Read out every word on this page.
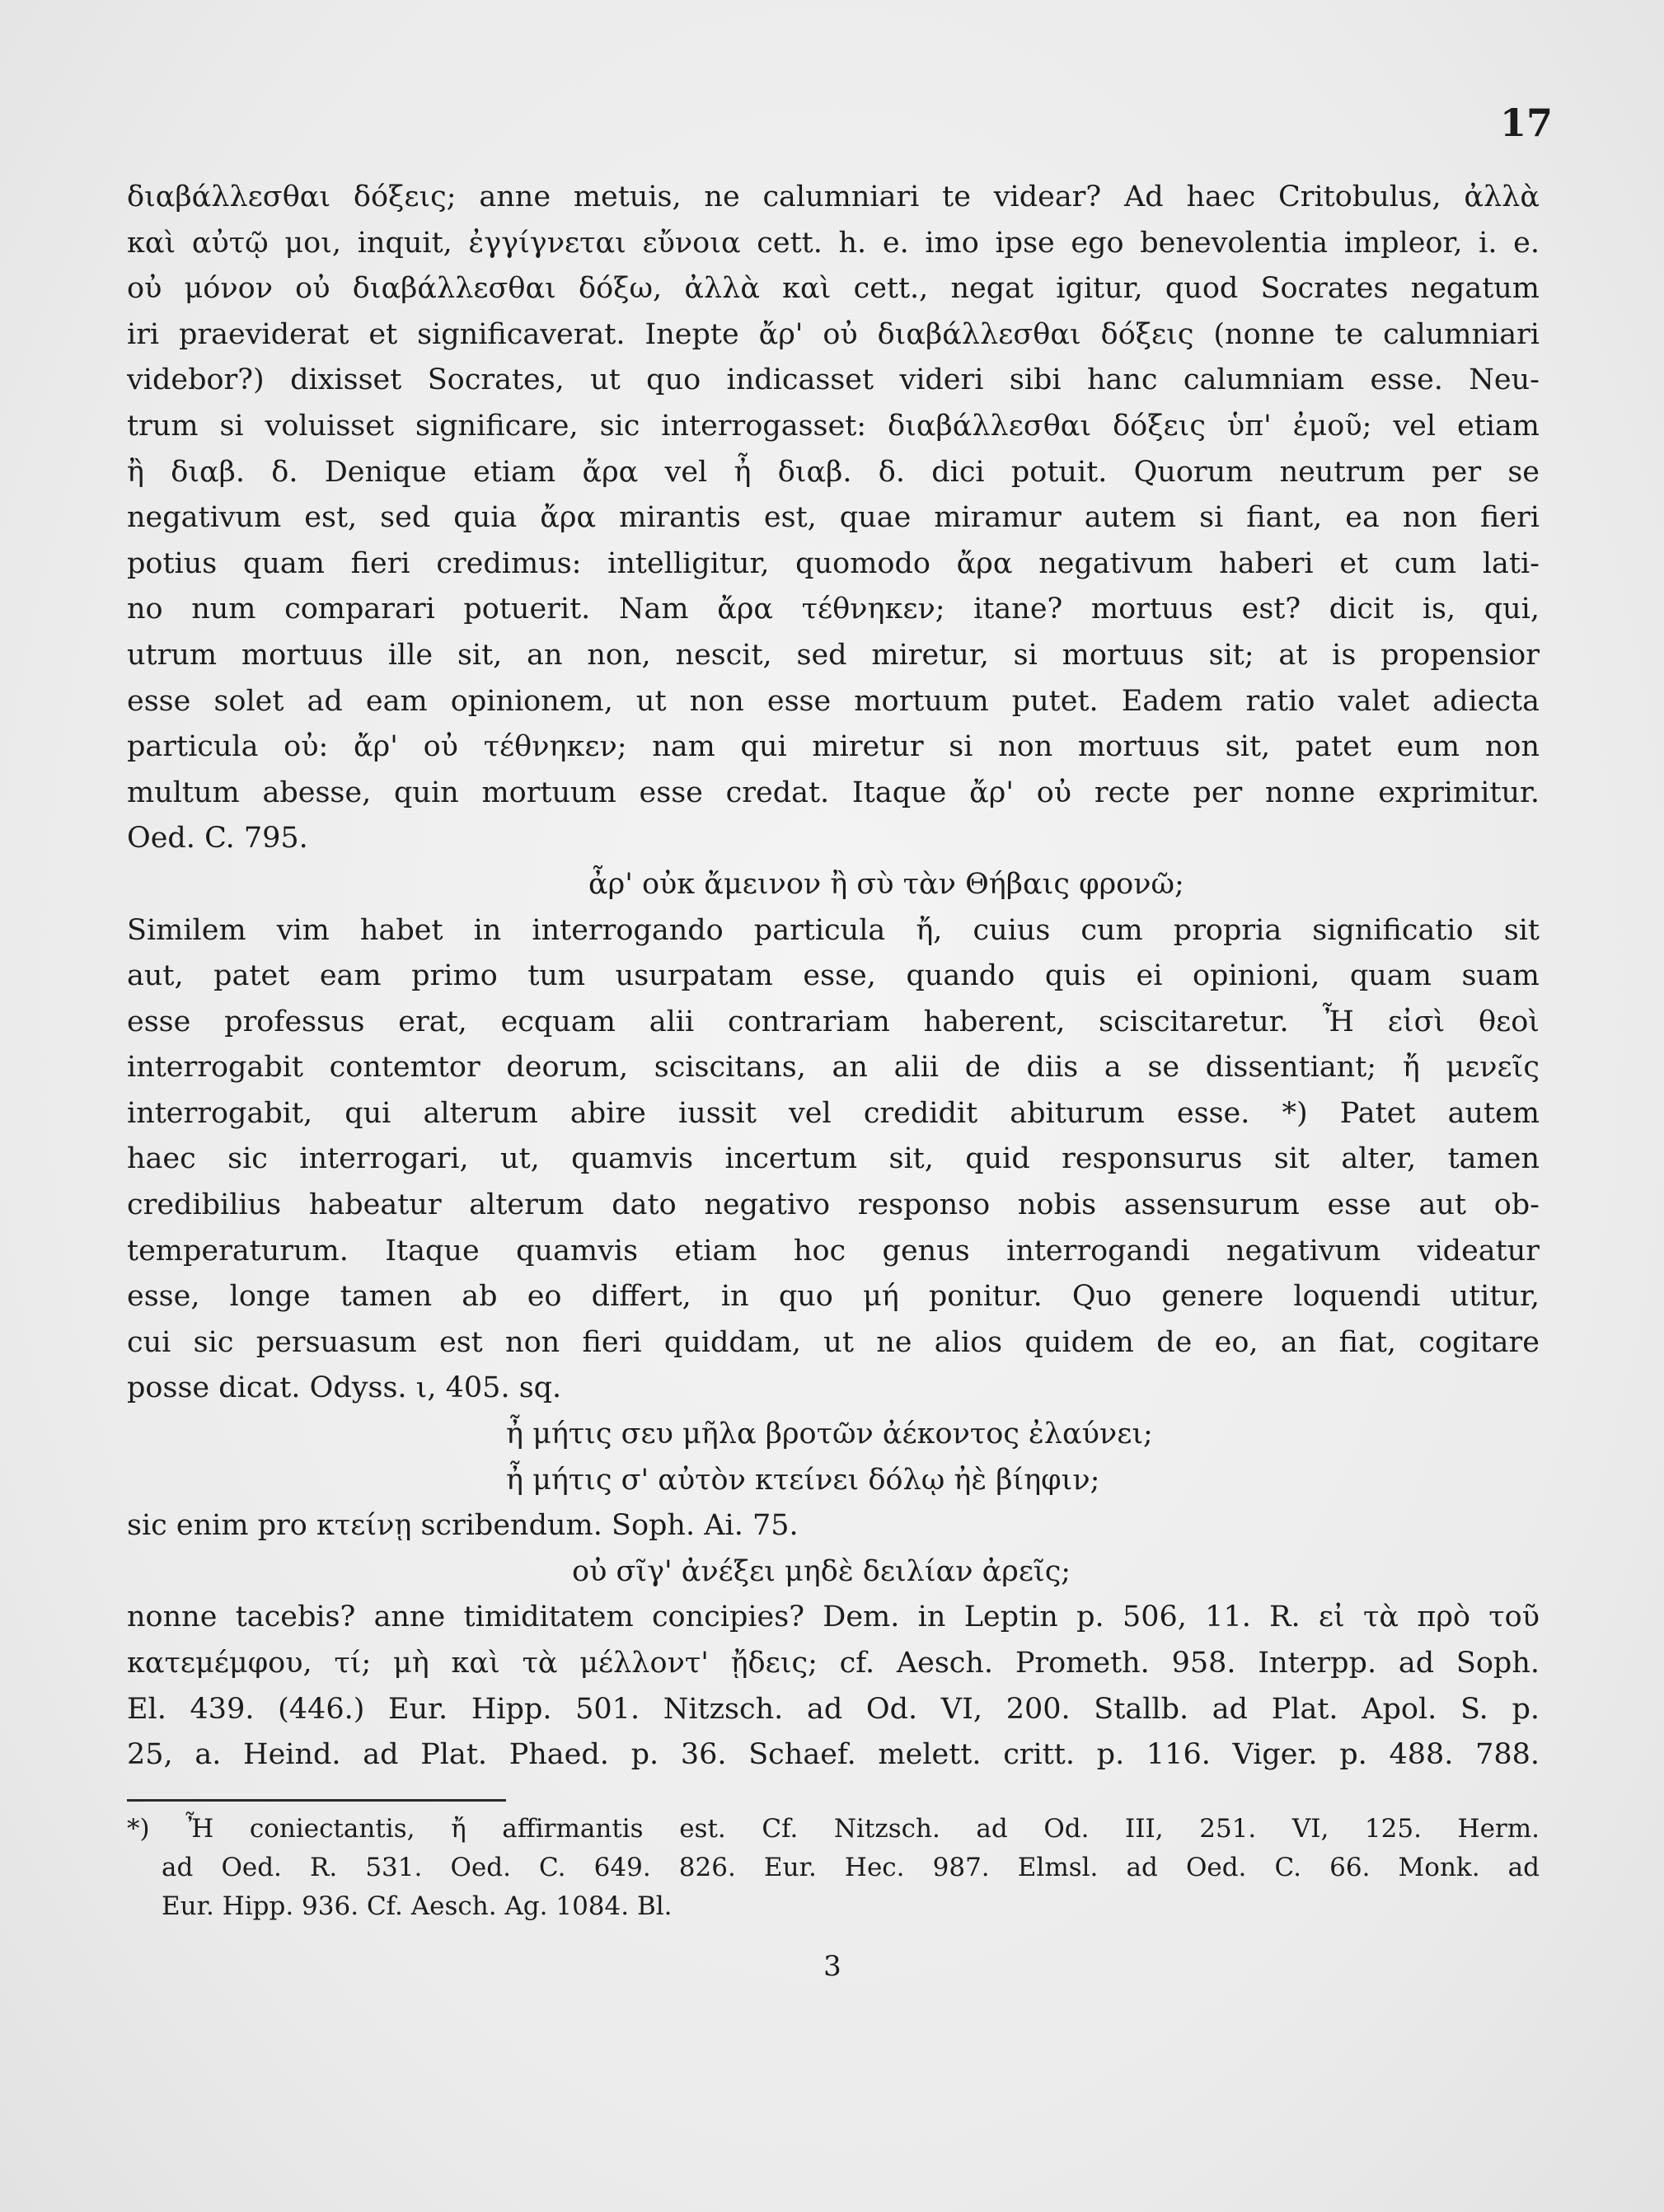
17
διαβάλλεσθαι δόξεις; anne metuis, ne calumniari te videar? Ad haec Critobulus, ἀλλὰ
καὶ αὐτῷ μοι, inquit, ἐγγίγνεται εὔνοια cett. h. e. imo ipse ego benevolentia impleor, i. e.
οὐ μόνον οὐ διαβάλλεσθαι δόξω, ἀλλὰ καὶ cett., negat igitur, quod Socrates negatum
iri praeviderat et significaverat. Inepte ἄρ' οὐ διαβάλλεσθαι δόξεις (nonne te calumniari
videbor?) dixisset Socrates, ut quo indicasset videri sibi hanc calumniam esse. Neu-
trum si voluisset significare, sic interrogasset: διαβάλλεσθαι δόξεις ὑπ' ἐμοῦ; vel etiam
ἢ διαβ. δ. Denique etiam ἄρα vel ἦ διαβ. δ. dici potuit. Quorum neutrum per se
negativum est, sed quia ἄρα mirantis est, quae miramur autem si fiant, ea non fieri
potius quam fieri credimus: intelligitur, quomodo ἄρα negativum haberi et cum lati-
no num comparari potuerit. Nam ἄρα τέθνηκεν; itane? mortuus est? dicit is, qui,
utrum mortuus ille sit, an non, nescit, sed miretur, si mortuus sit; at is propensior
esse solet ad eam opinionem, ut non esse mortuum putet. Eadem ratio valet adiecta
particula οὐ: ἄρ' οὐ τέθνηκεν; nam qui miretur si non mortuus sit, patet eum non
multum abesse, quin mortuum esse credat. Itaque ἄρ' οὐ recte per nonne exprimitur.
Oed. C. 795.
ἆρ' οὐκ ἄμεινον ἢ σὺ τὰν Θήβαις φρονῶ;
Similem vim habet in interrogando particula ἤ, cuius cum propria significatio sit
aut, patet eam primo tum usurpatam esse, quando quis ei opinioni, quam suam
esse professus erat, ecquam alii contrariam haberent, sciscitaretur. Ἦ εἰσὶ θεοὶ
interrogabit contemtor deorum, sciscitans, an alii de diis a se dissentiant; ἤ μενεῖς
interrogabit, qui alterum abire iussit vel credidit abiturum esse. *) Patet autem
haec sic interrogari, ut, quamvis incertum sit, quid responsurus sit alter, tamen
credibilius habeatur alterum dato negativo responso nobis assensurum esse aut ob-
temperaturum. Itaque quamvis etiam hoc genus interrogandi negativum videatur
esse, longe tamen ab eo differt, in quo μή ponitur. Quo genere loquendi utitur,
cui sic persuasum est non fieri quiddam, ut ne alios quidem de eo, an fiat, cogitare
posse dicat. Odyss. ι, 405. sq.
ἦ μήτις σευ μῆλα βροτῶν ἀέκοντος ἐλαύνει;
ἦ μήτις σ' αὐτὸν κτείνει δόλῳ ἠὲ βίηφιν;
sic enim pro κτείνῃ scribendum. Soph. Ai. 75.
οὐ σῖγ' ἀνέξει μηδὲ δειλίαν ἀρεῖς;
nonne tacebis? anne timiditatem concipies? Dem. in Leptin p. 506, 11. R. εἰ τὰ πρὸ τοῦ
κατεμέμφου, τί; μὴ καὶ τὰ μέλλοντ' ᾔδεις; cf. Aesch. Prometh. 958. Interpp. ad Soph.
El. 439. (446.) Eur. Hipp. 501. Nitzsch. ad Od. VI, 200. Stallb. ad Plat. Apol. S. p.
25, a. Heind. ad Plat. Phaed. p. 36. Schaef. melett. critt. p. 116. Viger. p. 488. 788.
*) Ἦ coniectantis, ἤ affirmantis est. Cf. Nitzsch. ad Od. III, 251. VI, 125. Herm.
ad Oed. R. 531. Oed. C. 649. 826. Eur. Hec. 987. Elmsl. ad Oed. C. 66. Monk. ad
Eur. Hipp. 936. Cf. Aesch. Ag. 1084. Bl.
3
